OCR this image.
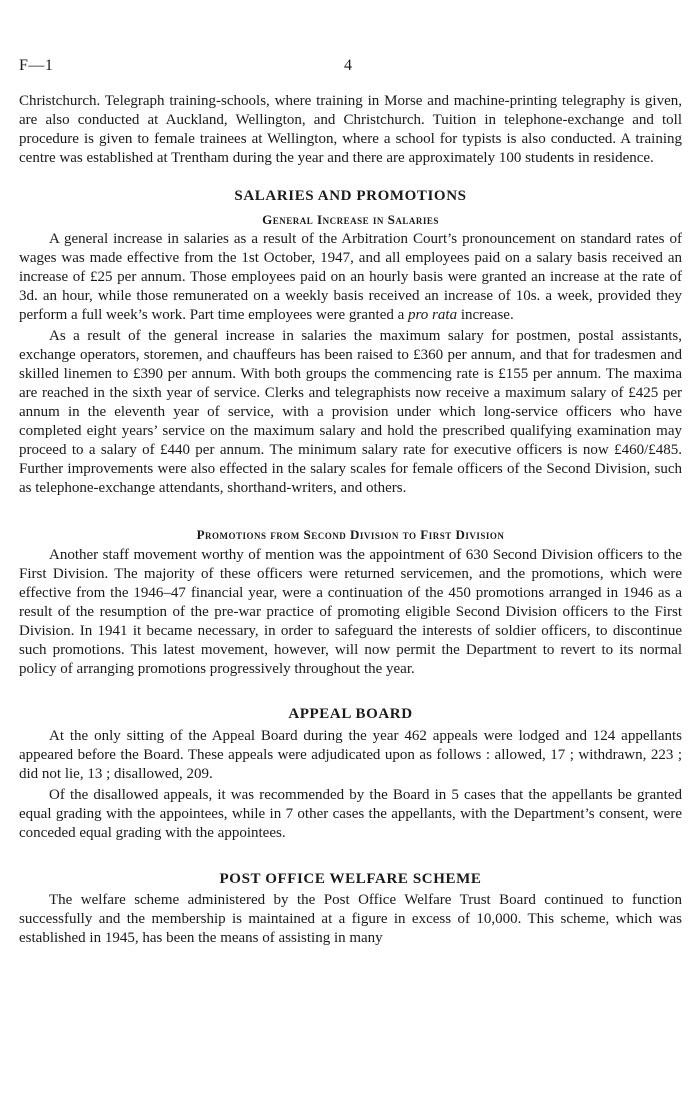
F—1	4

Christchurch. Telegraph training-schools, where training in Morse and machine-printing telegraphy is given, are also conducted at Auckland, Wellington, and Christchurch. Tuition in telephone-exchange and toll procedure is given to female trainees at Wellington, where a school for typists is also conducted. A training centre was established at Trentham during the year and there are approximately 100 students in residence.

SALARIES AND PROMOTIONS
General Increase in Salaries

A general increase in salaries as a result of the Arbitration Court’s pronouncement on standard rates of wages was made effective from the 1st October, 1947, and all employees paid on a salary basis received an increase of £25 per annum. Those employees paid on an hourly basis were granted an increase at the rate of 3d. an hour, while those remunerated on a weekly basis received an increase of 10s. a week, provided they perform a full week’s work. Part time employees were granted a pro rata increase.

As a result of the general increase in salaries the maximum salary for postmen, postal assistants, exchange operators, storemen, and chauffeurs has been raised to £360 per annum, and that for tradesmen and skilled linemen to £390 per annum. With both groups the commencing rate is £155 per annum. The maxima are reached in the sixth year of service. Clerks and telegraphists now receive a maximum salary of £425 per annum in the eleventh year of service, with a provision under which long-service officers who have completed eight years’ service on the maximum salary and hold the prescribed qualifying examination may proceed to a salary of £440 per annum. The minimum salary rate for executive officers is now £460/£485. Further improvements were also effected in the salary scales for female officers of the Second Division, such as telephone-exchange attendants, shorthand-writers, and others.

Promotions from Second Division to First Division

Another staff movement worthy of mention was the appointment of 630 Second Division officers to the First Division. The majority of these officers were returned servicemen, and the promotions, which were effective from the 1946–47 financial year, were a continuation of the 450 promotions arranged in 1946 as a result of the resumption of the pre-war practice of promoting eligible Second Division officers to the First Division. In 1941 it became necessary, in order to safeguard the interests of soldier officers, to discontinue such promotions. This latest movement, however, will now permit the Department to revert to its normal policy of arranging promotions progressively throughout the year.

APPEAL BOARD

At the only sitting of the Appeal Board during the year 462 appeals were lodged and 124 appellants appeared before the Board. These appeals were adjudicated upon as follows : allowed, 17 ; withdrawn, 223 ; did not lie, 13 ; disallowed, 209.

Of the disallowed appeals, it was recommended by the Board in 5 cases that the appellants be granted equal grading with the appointees, while in 7 other cases the appellants, with the Department’s consent, were conceded equal grading with the appointees.

POST OFFICE WELFARE SCHEME

The welfare scheme administered by the Post Office Welfare Trust Board continued to function successfully and the membership is maintained at a figure in excess of 10,000. This scheme, which was established in 1945, has been the means of assisting in many
